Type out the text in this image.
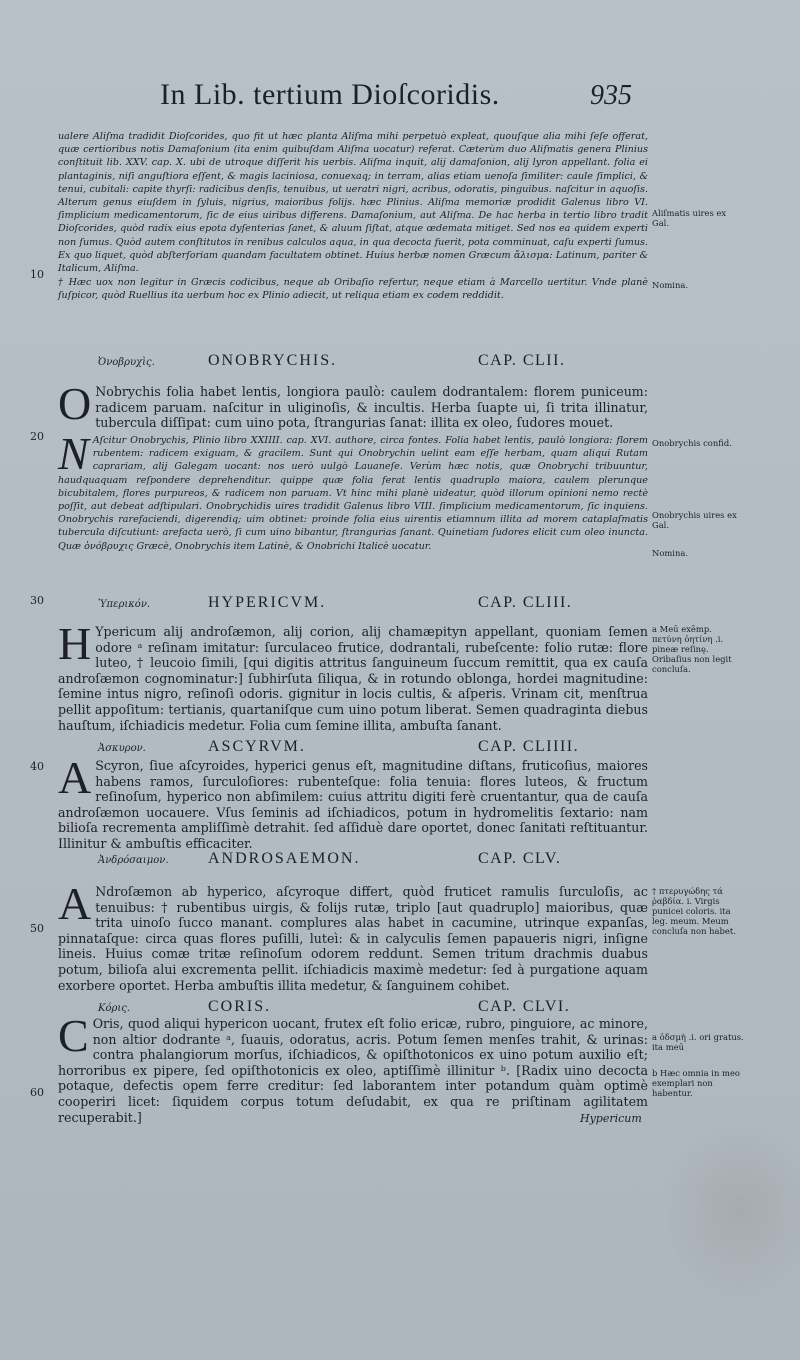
In Lib. tertium Dioſcoridis.	935

ualere Aliſma tradidit Dioſcorides, quo fit ut hæc planta Aliſma mihi perpetuò expleat, quouſque alia mihi ſeſe offerat, quæ certioribus notis Damaſonium (ita enim quibuſdam Aliſma uocatur) referat. Cæterùm duo Aliſmatis genera Plinius conſtituit lib. XXV. cap. X. ubi de utroque diſſerit his uerbis. Aliſma inquit, alij damaſonion, alij lyron appellant. folia ei plantaginis, niſi anguſtiora eſſent, & magis laciniosa, conuexaq; in terram, alias etiam uenoſa ſimiliter: caule ſimplici, & tenui, cubitali: capite thyrſi: radicibus denſis, tenuibus, ut ueratri nigri, acribus, odoratis, pinguibus. naſcitur in aquoſis. Alterum genus eiuſdem in ſyluis, nigrius, maioribus folijs. hæc Plinius. Aliſma memoriæ prodidit Galenus libro VI. ſimplicium medicamentorum, ſic de eius uiribus differens. Damaſonium, aut Aliſma. De hac herba in tertio libro tradit Dioſcorides, quòd radix eius epota dyſenterias ſanet, & aluum ſiſtat, atque œdemata mitiget. Sed nos ea quidem experti non ſumus. Quòd autem conſtitutos in renibus calculos aqua, in qua decocta fuerit, pota comminuat, caſu experti ſumus. Ex quo liquet, quòd abſterſoriam quandam facultatem obtinet. Huius herbæ nomen Græcum ἄλισμα: Latinum, pariter & Italicum, Aliſma.

† Hæc uox non legitur in Græcis codicibus, neque ab Oribaſio refertur, neque etiam à Marcello uertitur. Vnde planè ſuſpicor, quòd Ruellius ita uerbum hoc ex Plinio adiecit, ut reliqua etiam ex codem reddidit.

10
20
30
40
50
60
Ὀνοβρυχὶς.	ONOBRYCHIS.	CAP. CLII.

O Nobrychis folia habet lentis, longiora paulò: caulem dodrantalem: florem puniceum: radicem paruam. naſcitur in uliginoſis, & incultis. Herba ſuapte ui, ſi trita illinatur, tubercula diſſipat: cum uino pota, ſtrangurias ſanat: illita ex oleo, ſudores mouet.

N Aſcitur Onobrychis, Plinio libro XXIIII. cap. XVI. authore, circa fontes. Folia habet lentis, paulò longiora: florem rubentem: radicem exiguam, & gracilem. Sunt qui Onobrychin uelint eam eſſe herbam, quam aliqui Rutam caprariam, alij Galegam uocant: nos uerò uulgò Lauaneſe. Verùm hæc notis, quæ Onobrychi tribuuntur, haudquaquam reſpondere deprehenditur. quippe quæ folia ferat lentis quadruplo maiora, caulem plerunque bicubitalem, flores purpureos, & radicem non paruam. Vt hinc mihi planè uideatur, quòd illorum opinioni nemo rectè poſſit, aut debeat adſtipulari. Onobrychidis uires tradidit Galenus libro VIII. ſimplicium medicamentorum, ſic inquiens. Onobrychis rarefaciendi, digerendiq; uim obtinet: proinde folia eius uirentis etiamnum illita ad morem cataplaſmatis tubercula diſcutiunt: arefacta uerò, ſi cum uino bibantur, ſtrangurias ſanant. Quinetiam ſudores elicit cum oleo inuncta. Quæ ὀνόβρυχις Græcè, Onobrychis item Latinè, & Onobrichi Italicè uocatur.

Ὑπερικόν.	HYPERICVM.	CAP. CLIII.

H Ypericum alij androſæmon, alij corion, alij chamæpityn appellant, quoniam ſemen odore ᵃ reſinam imitatur: ſurculaceo frutice, dodrantali, rubeſcente: folio rutæ: flore luteo, † leucoio ſimili, [qui digitis attritus ſanguineum ſuccum remittit, qua ex cauſa androſæmon cognominatur:] ſubhirſuta ſiliqua, & in rotundo oblonga, hordei magnitudine: ſemine intus nigro, reſinoſi odoris. gignitur in locis cultis, & aſperis. Vrinam cit, menſtrua pellit appoſitum: tertianis, quartaniſque cum uino potum liberat. Semen quadraginta diebus hauſtum, iſchiadicis medetur. Folia cum ſemine illita, ambuſta ſanant.

Ἀσκυρον.	ASCYRVM.	CAP. CLIIII.

A Scyron, ſiue aſcyroides, hyperici genus eſt, magnitudine diſtans, fruticoſius, maiores habens ramos, ſurculoſiores: rubenteſque: folia tenuia: flores luteos, & fructum reſinoſum, hyperico non abſimilem: cuius attritu digiti ferè cruentantur, qua de cauſa androſæmon uocauere. Vſus ſeminis ad iſchiadicos, potum in hydromelitis ſextario: nam bilioſa recrementa ampliſſimè detrahit. ſed aſſiduè dare oportet, donec ſanitati reſtituantur. Illinitur & ambuſtis efficaciter.

Ἀνδρόσαιμον. ANDROSAEMON.	CAP. CLV.

A Ndroſæmon ab hyperico, aſcyroque differt, quòd fruticet ramulis ſurculoſis, ac tenuibus: † rubentibus uirgis, & folijs rutæ, triplo [aut quadruplo] maioribus, quæ trita uinoſo ſucco manant. complures alas habet in cacumine, utrinque expanſas, pinnataſque: circa quas flores puſilli, luteì: & in calyculis ſemen papaueris nigri, inſigne lineis. Huius comæ tritæ reſinoſum odorem reddunt. Semen tritum drachmis duabus potum, bilioſa alui excrementa pellit. iſchiadicis maximè medetur: ſed à purgatione aquam exorbere oportet. Herba ambuſtis illita medetur, & ſanguinem cohibet.

Κόρις.	CORIS.	CAP. CLVI.

C Oris, quod aliqui hypericon uocant, frutex eſt folio ericæ, rubro, pinguiore, ac minore, non altior dodrante ᵃ, ſuauis, odoratus, acris. Potum ſemen menſes trahit, & urinas: contra phalangiorum morſus, iſchiadicos, & opiſthotonicos ex uino potum auxilio eſt; horroribus ex pipere, ſed opiſthotonicis ex oleo, aptiſſimè illinitur ᵇ. [Radix uino decocta potaque, defectis opem ferre creditur: ſed laborantem inter potandum quàm optimè cooperiri licet: ſiquidem corpus totum deſudabit, ex qua re priſtinam agilitatem recuperabit.]

Aliſmatis uires ex Gal.
Nomina.
Onobrychis confid.
Onobrychis uires ex Gal.
Nomina.
a Meū exēmp. πετύνη ὀητίνη .i. pineæ reſinę. Oribaſius non legit concluſa.
† πτερυγώδης τά ῥαβδία. i. Virgis punicei coloris. ita leg. meum. Meum concluſa non habet.
a ὀδσμὴ .i. ori gratus. ita meū
b Hæc omnia in meo exemplari non habentur.
Hypericum
